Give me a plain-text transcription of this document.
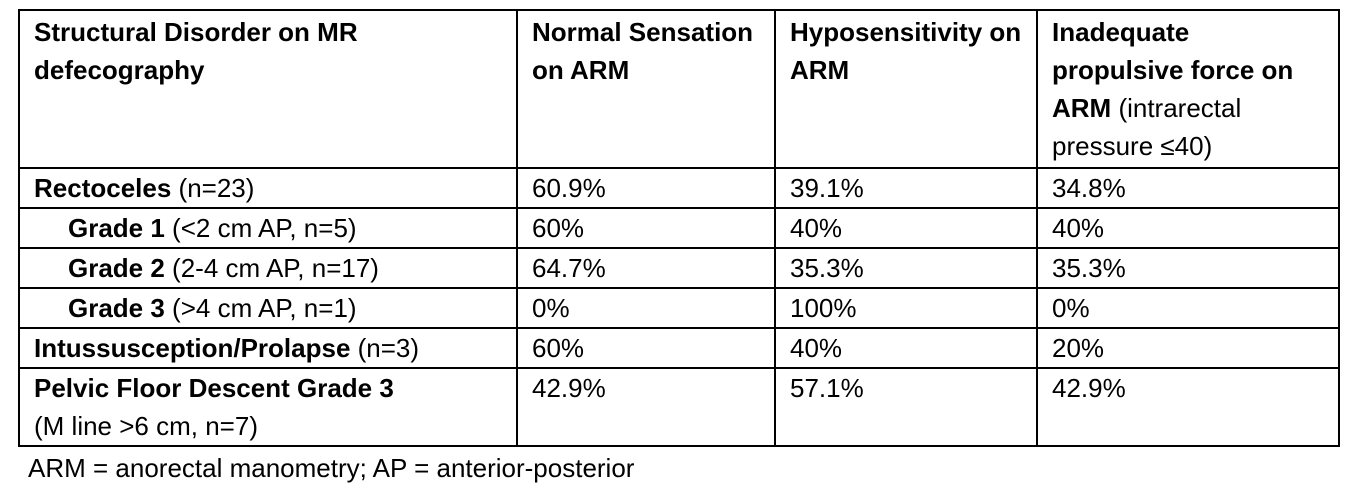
Structural Disorder on MR defecography	Normal Sensation on ARM	Hyposensitivity on ARM	Inadequate propulsive force on ARM (intrarectal pressure ≤40)
Rectoceles (n=23)	60.9%	39.1%	34.8%
Grade 1 (<2 cm AP, n=5)	60%	40%	40%
Grade 2 (2-4 cm AP, n=17)	64.7%	35.3%	35.3%
Grade 3 (>4 cm AP, n=1)	0%	100%	0%
Intussusception/Prolapse (n=3)	60%	40%	20%
Pelvic Floor Descent Grade 3
(M line >6 cm, n=7)	42.9%	57.1%	42.9%
ARM = anorectal manometry; AP = anterior-posterior
